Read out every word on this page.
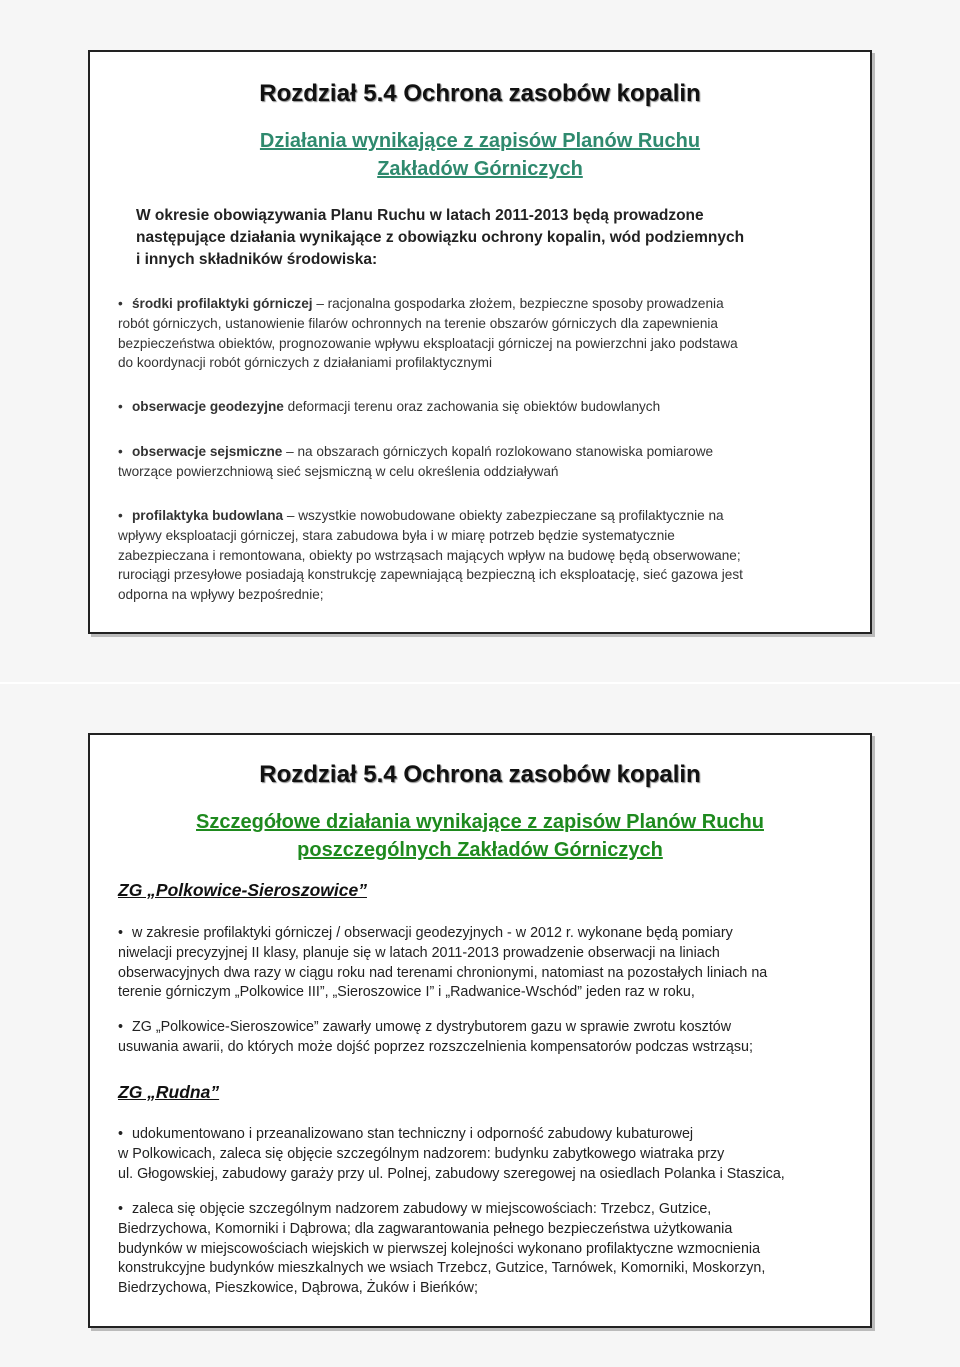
Rozdział 5.4 Ochrona zasobów kopalin
Działania wynikające z zapisów Planów Ruchu
Zakładów Górniczych
W okresie obowiązywania Planu Ruchu w latach 2011-2013 będą prowadzone
następujące działania wynikające z obowiązku ochrony kopalin, wód podziemnych
i innych składników środowiska:
• środki profilaktyki górniczej – racjonalna gospodarka złożem, bezpieczne sposoby prowadzenia
robót górniczych, ustanowienie filarów ochronnych na terenie obszarów górniczych dla zapewnienia
bezpieczeństwa obiektów, prognozowanie wpływu eksploatacji górniczej na powierzchni jako podstawa
do koordynacji robót górniczych z działaniami profilaktycznymi
• obserwacje geodezyjne deformacji terenu oraz zachowania się obiektów budowlanych
• obserwacje sejsmiczne – na obszarach górniczych kopalń rozlokowano stanowiska pomiarowe
tworzące powierzchniową sieć sejsmiczną w celu określenia oddziaływań
• profilaktyka budowlana – wszystkie nowobudowane obiekty zabezpieczane są profilaktycznie na
wpływy eksploatacji górniczej, stara zabudowa była i w miarę potrzeb będzie systematycznie
zabezpieczana i remontowana, obiekty po wstrząsach mających wpływ na budowę będą obserwowane;
rurociągi przesyłowe posiadają konstrukcję zapewniającą bezpieczną ich eksploatację, sieć gazowa jest
odporna na wpływy bezpośrednie;
Rozdział 5.4 Ochrona zasobów kopalin
Szczegółowe działania wynikające z zapisów Planów Ruchu
poszczególnych Zakładów Górniczych
ZG „Polkowice-Sieroszowice”
• w zakresie profilaktyki górniczej / obserwacji geodezyjnych - w 2012 r. wykonane będą pomiary
niwelacji precyzyjnej II klasy, planuje się w latach 2011-2013 prowadzenie obserwacji na liniach
obserwacyjnych dwa razy w ciągu roku nad terenami chronionymi, natomiast na pozostałych liniach na
terenie górniczym „Polkowice III”, „Sieroszowice I” i „Radwanice-Wschód” jeden raz w roku,
• ZG „Polkowice-Sieroszowice” zawarły umowę z dystrybutorem gazu w sprawie zwrotu kosztów
usuwania awarii, do których może dojść poprzez rozszczelnienia kompensatorów podczas wstrząsu;
ZG „Rudna”
• udokumentowano i przeanalizowano stan techniczny i odporność zabudowy kubaturowej
w Polkowicach, zaleca się objęcie szczególnym nadzorem: budynku zabytkowego wiatraka przy
ul. Głogowskiej, zabudowy garaży przy ul. Polnej, zabudowy szeregowej na osiedlach Polanka i Staszica,
• zaleca się objęcie szczególnym nadzorem zabudowy w miejscowościach: Trzebcz, Gutzice,
Biedrzychowa, Komorniki i Dąbrowa; dla zagwarantowania pełnego bezpieczeństwa użytkowania
budynków w miejscowościach wiejskich w pierwszej kolejności wykonano profilaktyczne wzmocnienia
konstrukcyjne budynków mieszkalnych we wsiach Trzebcz, Gutzice, Tarnówek, Komorniki, Moskorzyn,
Biedrzychowa, Pieszkowice, Dąbrowa, Żuków i Bieńków;
